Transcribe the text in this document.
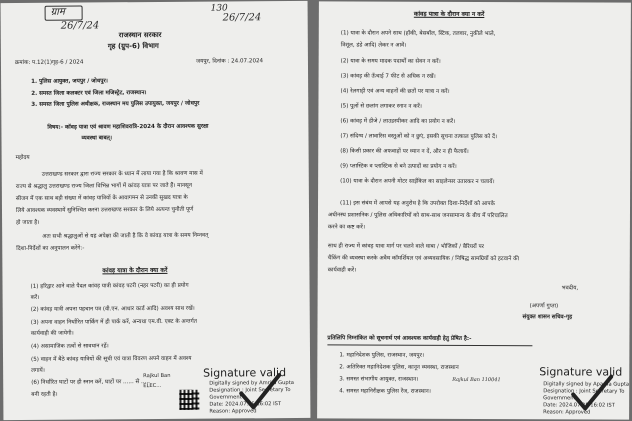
ग्राम
26/7/24
130
26/7/24
राजस्थान सरकार
गृह (ग्रुप-6) विभाग
क्रमांक: प.12(1)गृह-6 / 2024	जयपुर, दिनांक : 24.07.2024
1. पुलिस आयुक्त, जयपुर / जोधपुर।
2. समस्त जिला कलक्टर एवं जिला मजिस्ट्रेट, राजस्थान।
3. समस्त जिला पुलिस अधीक्षक, राजस्थान मय पुलिस उपायुक्त, जयपुर / जोधपुर
विषय:- कॉवड़ यात्रा एवं श्रावण महाशिवरात्रि-2024 के दौरान आवश्यक सुरक्षा
व्यवस्था बाबत्।
महोदय
उत्तराखण्ड सरकार द्वारा राज्य सरकार के ध्यान में लाया गया है कि श्रावण मास में
राज्य से श्रद्धालु उत्तराखण्ड राज्य जिला विभिन्न भागों में कांवड़ यात्रा पर जाते हैं। मानसून
सीजन में एक साथ बड़ी संख्या में कांवड़ यात्रियों के आवागमन से उनकी सुखद यात्रा के
लिये आवश्यक व्यवस्थायें सुनिश्चित करना उत्तराखण्ड सरकार के लिये अत्यन्त चुनौती पूर्ण
हो जाता है।
अतः सभी श्रद्धालुओं से यह अपेक्षा की जाती है कि वे कांवड़ यात्रा के समय निम्नवत्
दिशा-निर्देशों का अनुपालन करेंगे:-
कांवड़ यात्रा के दौरान क्या करें
(1) हरिद्वार आने वाले पैदल कांवड़ यात्री कांवड़ पटरी (नहर पटरी) का ही प्रयोग
करें।
(2) कांवड़ यात्री अपना पहचान पत्र (वी.एन. आधार कार्ड आदि) अवश्य साथ रखें।
(3) अपना वाहन निर्धारित पार्किंग में ही पार्क करें, अन्यथा एम.वी. एक्ट के अन्तर्गत
कार्यवाही की जायेगी।
(4) असामाजिक तत्वों से सावधान रहें।
(5) वाहन में बैठे कांवड़ यात्रियों की सूची एवं यात्रा विवरण अपने वाहन में अवश्य
लगायें।
(6) निर्धारित घाटों पर ही स्नान करें, घाटों पर ...... से .....
बनी रहती है।
Rajkul Ban
ELEC...
Signature valid
Digitally signed by Amrita Gupta
Designation : Joint Secretary To
Government
Date: 2024.07.25 16:02 IST
Reason: Approved
कांवड़ यात्रा के दौरान क्या न करें
(1) यात्रा के दौरान अपने साथ (हॉकी, बेसबॉल, स्टिक, तलवार, नुकीले भाले,
त्रिशूल, डंडे आदि) लेकर न आवें।
(2) यात्रा के समय मादक पदार्थों का सेवन न करें।
(3) कांवड़ की ऊँचाई 7 फीट से अधिक न रखें।
(4) रेलगाड़ी एवं अन्य वाहनों की छतों पर यात्रा न करें।
(5) पुलों से छलांग लगाकर स्नान न करें।
(6) कांवड़ में डीजे / लाउडस्पीकर आदि का प्रयोग न करें।
(7) संदिग्ध / लावारिस वस्तुओं को न छुएं, इसकी सूचना तत्काल पुलिस को दें।
(8) किसी प्रकार की अफवाहों पर ध्यान न दें, और न ही फैलायें।
(9) प्लास्टिक व प्लास्टिक से बने उत्पादों का प्रयोग न करें।
(10) यात्रा के दौरान अपनी मोटर साईकिल का साइलेन्सर उतारकर न चलायें।
(11) इस संबंध में आपसे यह अनुरोध है कि उपरोक्त दिशा-निर्देशों को आपके
अधीनस्थ प्रशासनिक / पुलिस अधिकारियों को साथ-साथ जनसामान्य के बीच में परिचालित
करने का कष्ट करें।
साथ ही राज्य में कांवड़ यात्रा मार्ग पर चलने वाले धाबा / भोजिकों / बैरियरों पर
चैकिंग की व्यवस्था करके अवैध कॉमर्शियल एवं अव्यवसायिक / निषिद्ध सामग्रियों को हटवाने की
कार्यवाही करें।
भवदीय,
(अपर्णा गुप्ता)
संयुक्त शासन सचिव-गृह
प्रतिलिपि निम्नांकित को सूचनार्थ एवं आवश्यक कार्यवाही हेतु प्रेषित है:-
1. महानिदेशक पुलिस, राजस्थान, जयपुर।
2. अतिरिक्त महानिदेशक पुलिस, कानून व्यवस्था, राजस्थान
3. समस्त संभागीय आयुक्त, राजस्थान।
4. समस्त महानिरीक्षक पुलिस रेंज, राजस्थान।
Rajkul Ban 110041
Signature valid
Digitally signed by Aparna Gupta
Designation : Joint Secretary To
Government
Date: 2024.07.25 16:02 IST
Reason: Approved
